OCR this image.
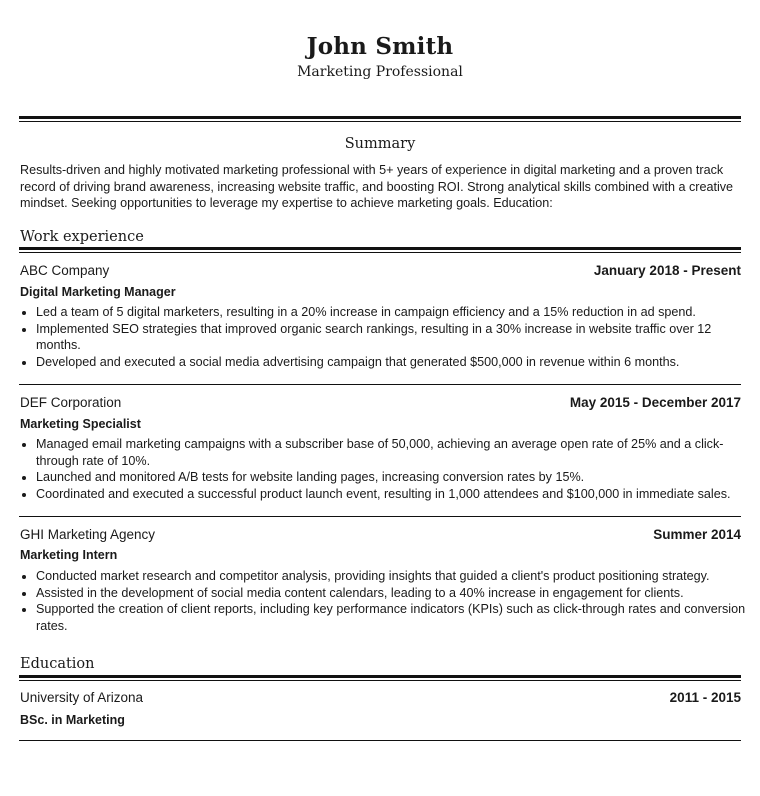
John Smith
Marketing Professional
Summary

Results-driven and highly motivated marketing professional with 5+ years of experience in digital marketing and a proven track record of driving brand awareness, increasing website traffic, and boosting ROI. Strong analytical skills combined with a creative mindset. Seeking opportunities to leverage my expertise to achieve marketing goals. Education:

Work experience
ABC Company	January 2018 - Present
Digital Marketing Manager
• Led a team of 5 digital marketers, resulting in a 20% increase in campaign efficiency and a 15% reduction in ad spend.
• Implemented SEO strategies that improved organic search rankings, resulting in a 30% increase in website traffic over 12 months.
• Developed and executed a social media advertising campaign that generated $500,000 in revenue within 6 months.
DEF Corporation	May 2015 - December 2017
Marketing Specialist
• Managed email marketing campaigns with a subscriber base of 50,000, achieving an average open rate of 25% and a click-through rate of 10%.
• Launched and monitored A/B tests for website landing pages, increasing conversion rates by 15%.
• Coordinated and executed a successful product launch event, resulting in 1,000 attendees and $100,000 in immediate sales.
GHI Marketing Agency	Summer 2014
Marketing Intern
• Conducted market research and competitor analysis, providing insights that guided a client's product positioning strategy.
• Assisted in the development of social media content calendars, leading to a 40% increase in engagement for clients.
• Supported the creation of client reports, including key performance indicators (KPIs) such as click-through rates and conversion rates.
Education
University of Arizona	2011 - 2015
BSc. in Marketing
